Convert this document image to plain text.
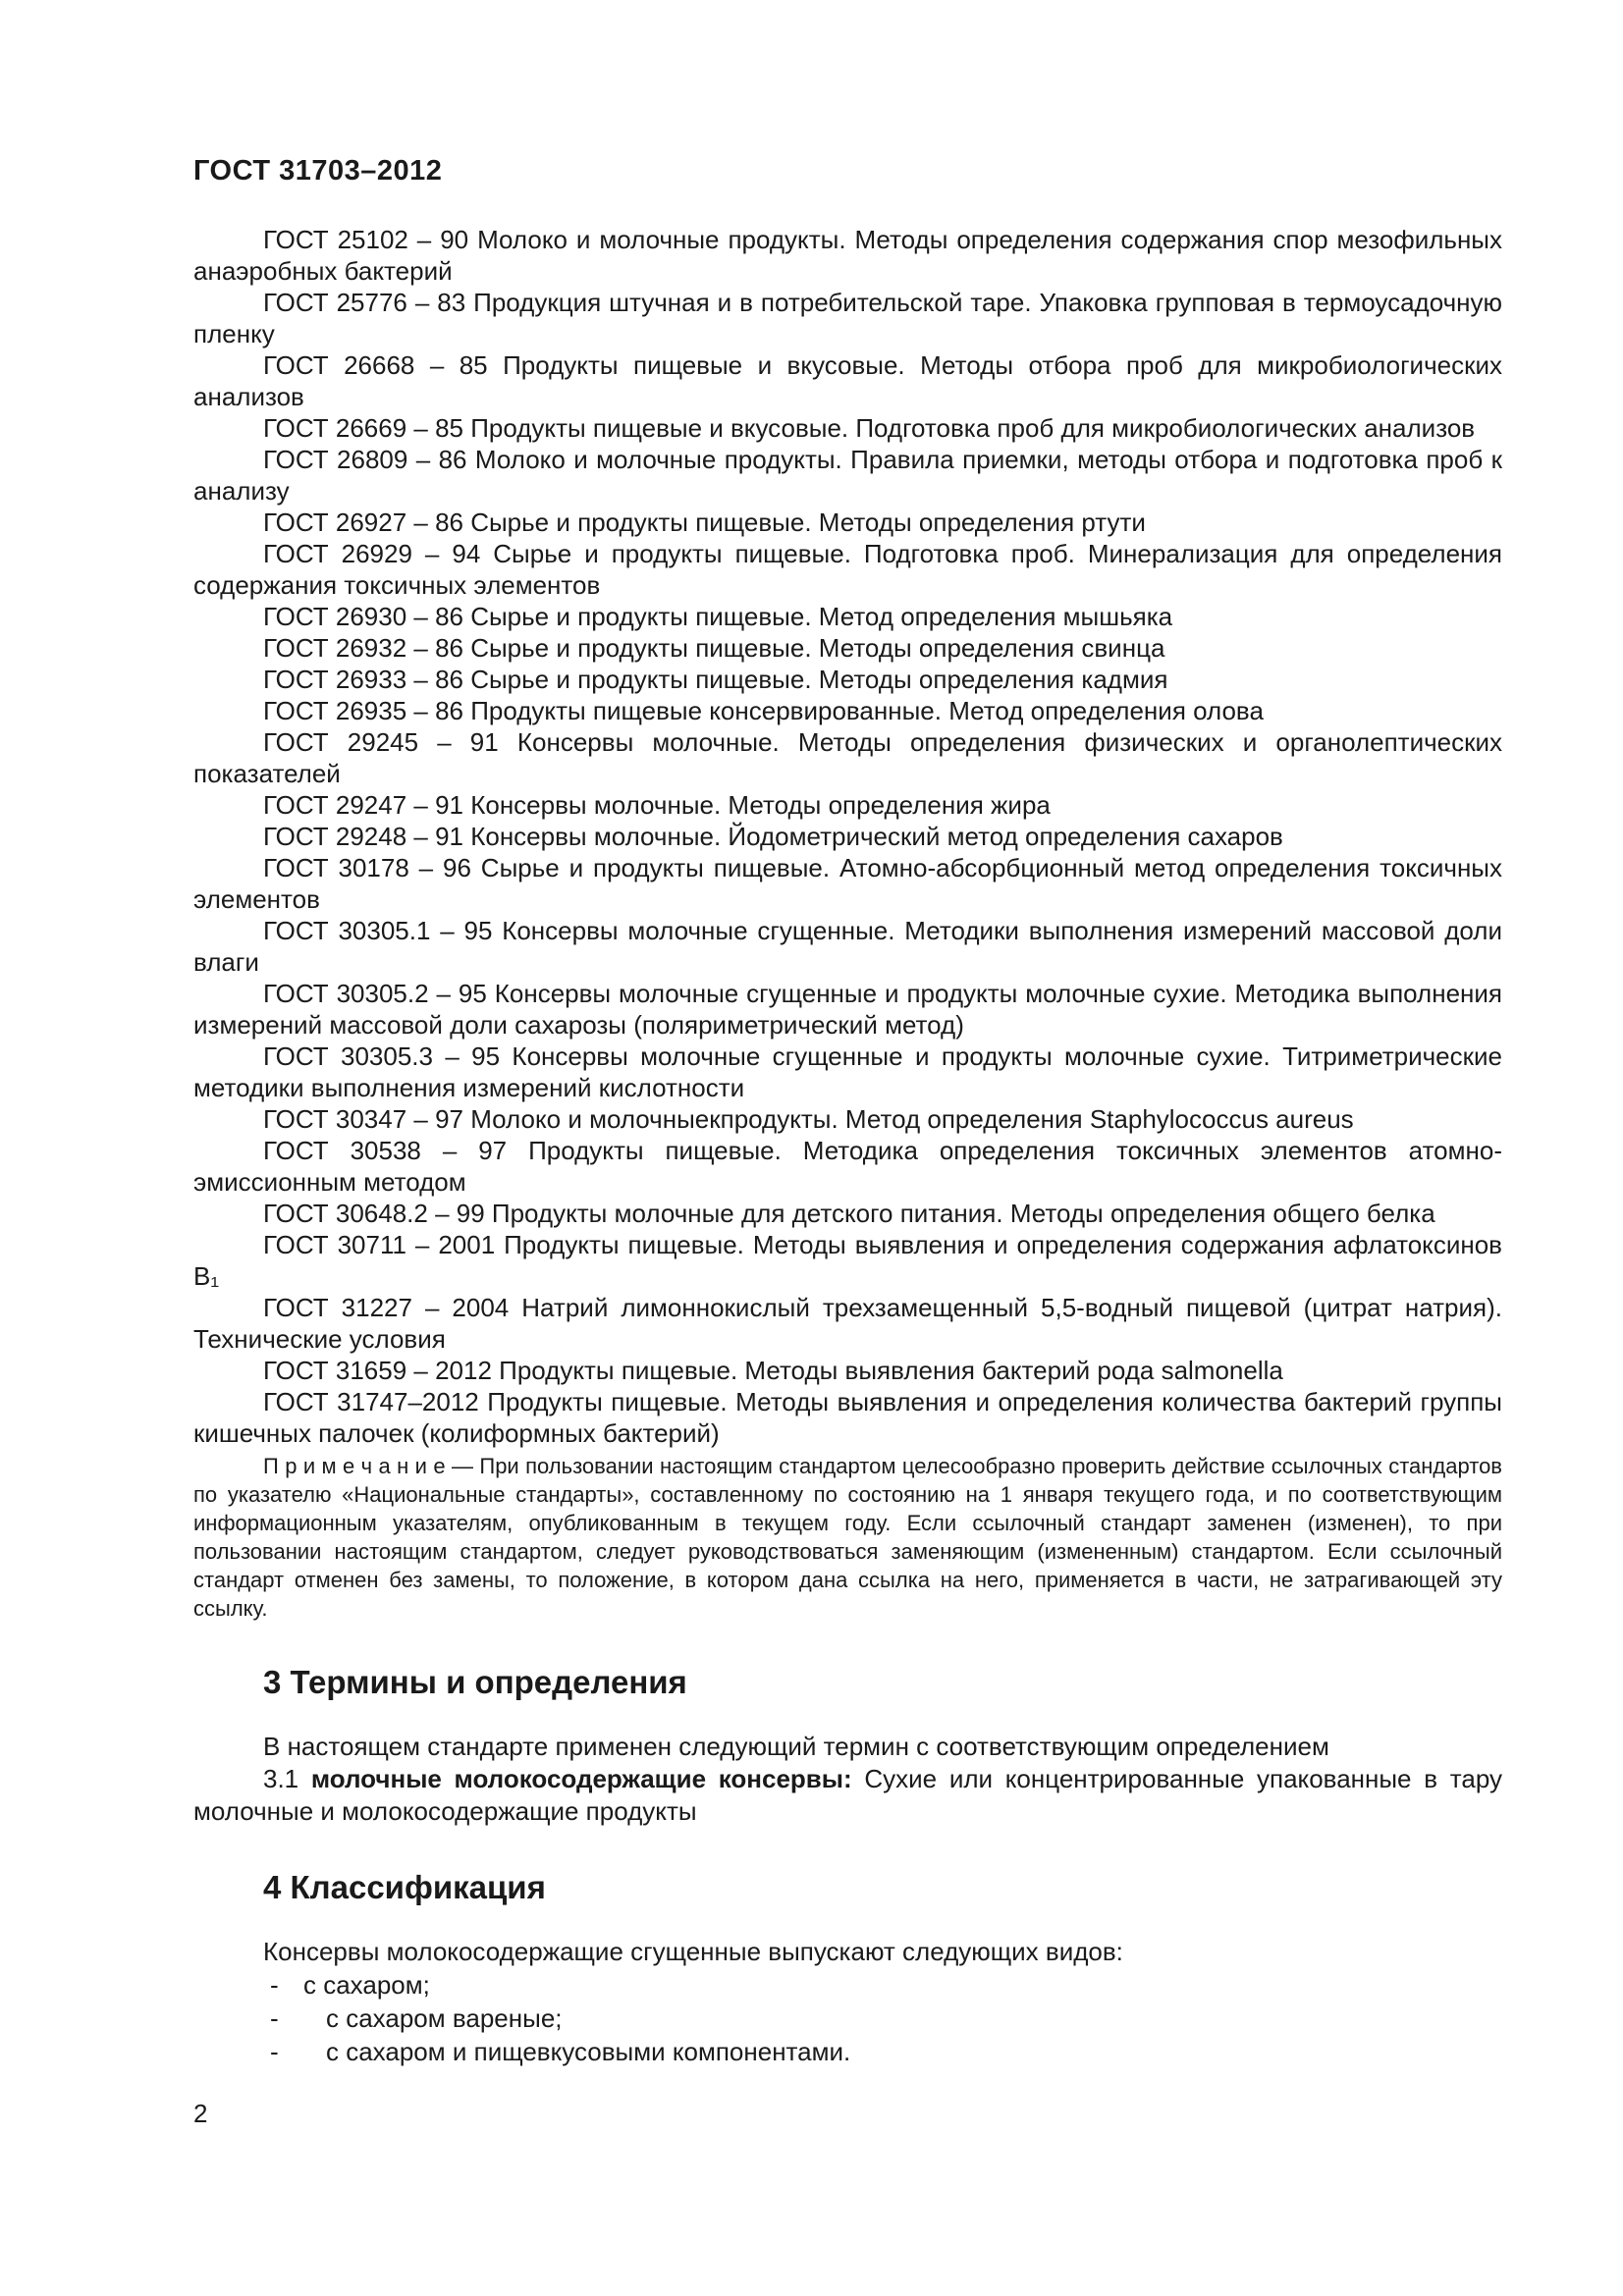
ГОСТ 31703–2012

ГОСТ 25102 – 90 Молоко и молочные продукты. Методы определения содержания спор мезофильных анаэробных бактерий

ГОСТ 25776 – 83 Продукция штучная и в потребительской таре. Упаковка групповая в термоусадочную пленку

ГОСТ 26668 – 85 Продукты пищевые и вкусовые. Методы отбора проб для микробиологических анализов

ГОСТ 26669 – 85 Продукты пищевые и вкусовые. Подготовка проб для микробиологических анализов

ГОСТ 26809 – 86 Молоко и молочные продукты. Правила приемки, методы отбора и подготовка проб к анализу

ГОСТ 26927 – 86 Сырье и продукты пищевые. Методы определения ртути

ГОСТ 26929 – 94 Сырье и продукты пищевые. Подготовка проб. Минерализация для определения содержания токсичных элементов

ГОСТ 26930 – 86 Сырье и продукты пищевые. Метод определения мышьяка

ГОСТ 26932 – 86 Сырье и продукты пищевые. Методы определения свинца

ГОСТ 26933 – 86 Сырье и продукты пищевые. Методы определения кадмия

ГОСТ 26935 – 86 Продукты пищевые консервированные. Метод определения олова

ГОСТ 29245 – 91 Консервы молочные. Методы определения физических и органолептических показателей

ГОСТ 29247 – 91 Консервы молочные. Методы определения жира

ГОСТ 29248 – 91 Консервы молочные. Йодометрический метод определения сахаров

ГОСТ 30178 – 96 Сырье и продукты пищевые. Атомно-абсорбционный метод определения токсичных элементов

ГОСТ 30305.1 – 95 Консервы молочные сгущенные. Методики выполнения измерений массовой доли влаги

ГОСТ 30305.2 – 95 Консервы молочные сгущенные и продукты молочные сухие. Методика выполнения измерений массовой доли сахарозы (поляриметрический метод)

ГОСТ 30305.3 – 95 Консервы молочные сгущенные и продукты молочные сухие. Титриметрические методики выполнения измерений кислотности

ГОСТ 30347 – 97 Молоко и молочныекпродукты. Метод определения Staphylococcus aureus

ГОСТ 30538 – 97 Продукты пищевые. Методика определения токсичных элементов атомно-эмиссионным методом

ГОСТ 30648.2 – 99 Продукты молочные для детского питания. Методы определения общего белка

ГОСТ 30711 – 2001 Продукты пищевые. Методы выявления и определения содержания афлатоксинов В₁

ГОСТ 31227 – 2004 Натрий лимоннокислый трехзамещенный 5,5-водный пищевой (цитрат натрия). Технические условия

ГОСТ 31659 – 2012 Продукты пищевые. Методы выявления бактерий рода salmonella

ГОСТ 31747–2012 Продукты пищевые. Методы выявления и определения количества бактерий группы кишечных палочек (колиформных бактерий)

П р и м е ч а н и е — При пользовании настоящим стандартом целесообразно проверить действие ссылочных стандартов по указателю «Национальные стандарты», составленному по состоянию на 1 января текущего года, и по соответствующим информационным указателям, опубликованным в текущем году. Если ссылочный стандарт заменен (изменен), то при пользовании настоящим стандартом, следует руководствоваться заменяющим (измененным) стандартом. Если ссылочный стандарт отменен без замены, то положение, в котором дана ссылка на него, применяется в части, не затрагивающей эту ссылку.

3 Термины и определения

В настоящем стандарте применен следующий термин с соответствующим определением

3.1 молочные молокосодержащие консервы: Сухие или концентрированные упакованные в тару молочные и молокосодержащие продукты

4 Классификация

Консервы молокосодержащие сгущенные выпускают следующих видов:

- с сахаром;
- с сахаром вареные;
- с сахаром и пищевкусовыми компонентами.
2
